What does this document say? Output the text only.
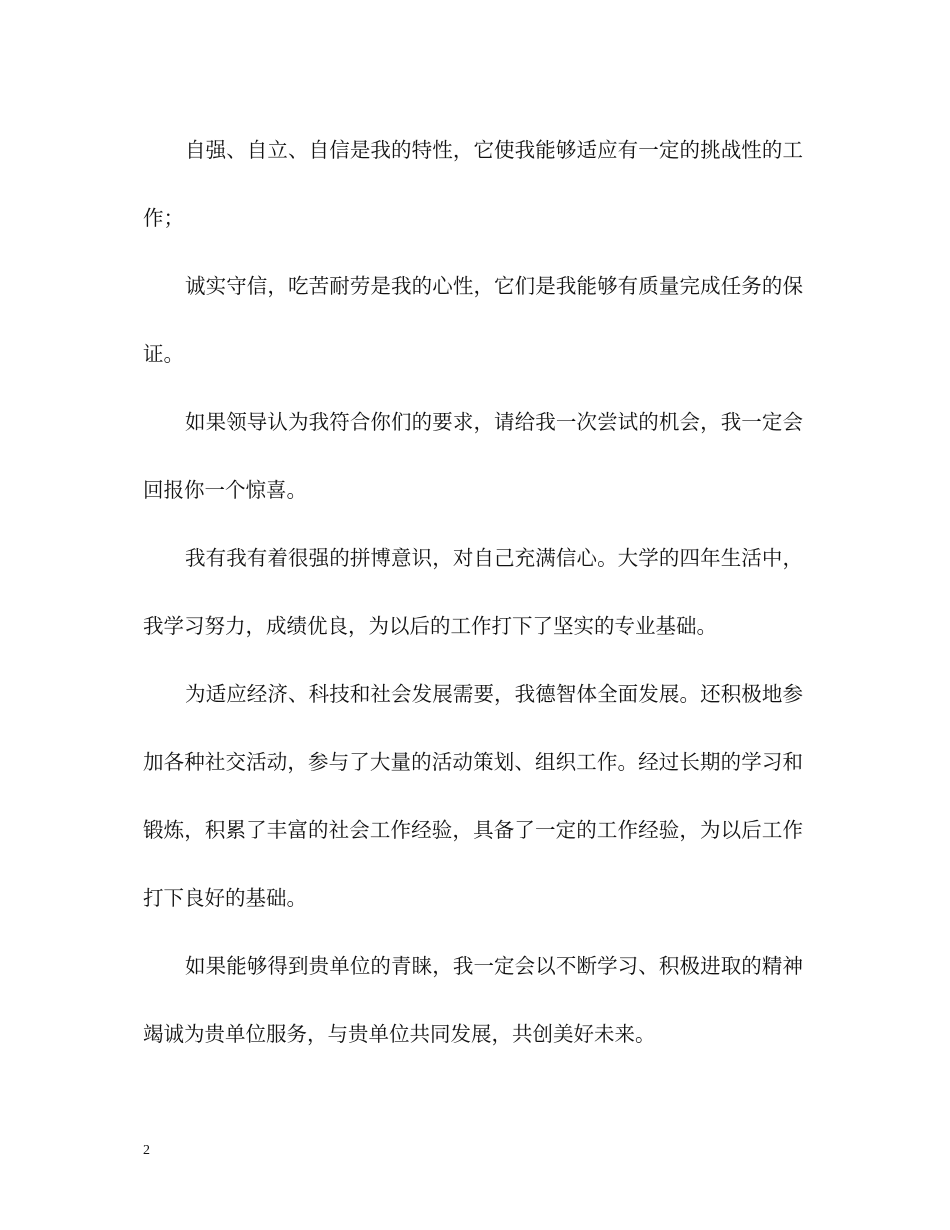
自强、自立、自信是我的特性，它使我能够适应有一定的挑战性的工作；

诚实守信，吃苦耐劳是我的心性，它们是我能够有质量完成任务的保证。

如果领导认为我符合你们的要求，请给我一次尝试的机会，我一定会回报你一个惊喜。

我有我有着很强的拼博意识，对自己充满信心。大学的四年生活中，我学习努力，成绩优良，为以后的工作打下了坚实的专业基础。

为适应经济、科技和社会发展需要，我德智体全面发展。还积极地参加各种社交活动，参与了大量的活动策划、组织工作。经过长期的学习和锻炼，积累了丰富的社会工作经验，具备了一定的工作经验，为以后工作打下良好的基础。

如果能够得到贵单位的青睐，我一定会以不断学习、积极进取的精神竭诚为贵单位服务，与贵单位共同发展，共创美好未来。

2
